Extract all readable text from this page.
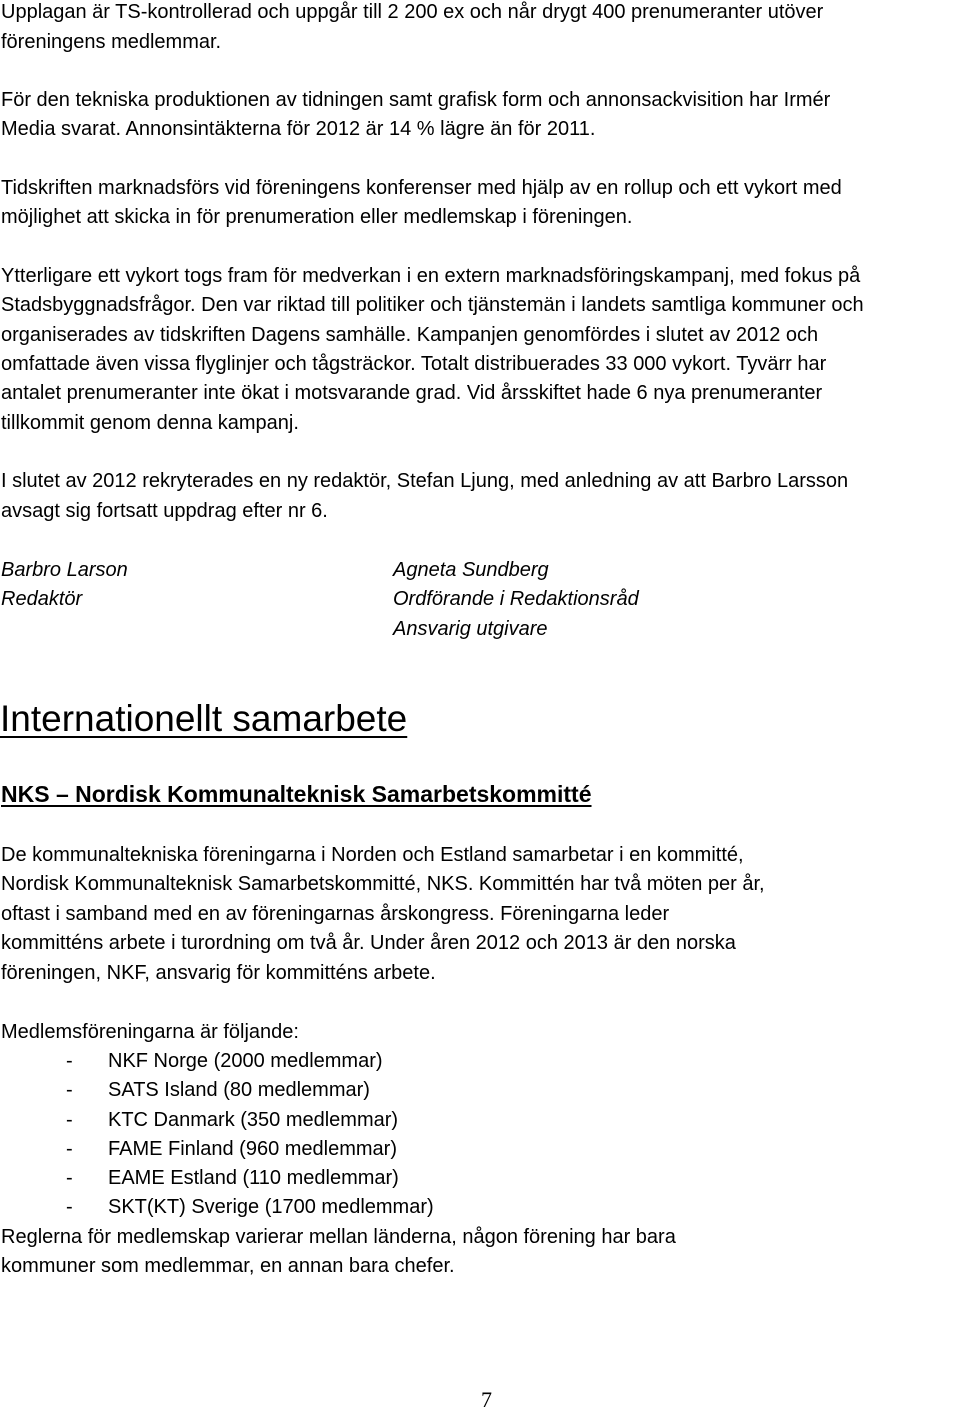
Upplagan är TS-kontrollerad och uppgår till 2 200 ex och når drygt 400 prenumeranter utöver
föreningens medlemmar.
För den tekniska produktionen av tidningen samt grafisk form och annonsackvisition har Irmér
Media svarat. Annonsintäkterna för 2012 är 14 % lägre än för 2011.
Tidskriften marknadsförs vid föreningens konferenser med hjälp av en rollup och ett vykort med
möjlighet att skicka in för prenumeration eller medlemskap i föreningen.
Ytterligare ett vykort togs fram för medverkan i en extern marknadsföringskampanj, med fokus på
Stadsbyggnadsfrågor. Den var riktad till politiker och tjänstemän i landets samtliga kommuner och
organiserades av tidskriften Dagens samhälle. Kampanjen genomfördes i slutet av 2012 och
omfattade även vissa flyglinjer och tågsträckor. Totalt distribuerades 33 000 vykort. Tyvärr har
antalet prenumeranter inte ökat i motsvarande grad. Vid årsskiftet hade 6 nya prenumeranter
tillkommit genom denna kampanj.
I slutet av 2012 rekryterades en ny redaktör, Stefan Ljung, med anledning av att Barbro Larsson
avsagt sig fortsatt uppdrag efter nr 6.
Barbro Larson
Redaktör
Agneta Sundberg
Ordförande i Redaktionsråd
Ansvarig utgivare
Internationellt samarbete
NKS – Nordisk Kommunalteknisk Samarbetskommitté
De kommunaltekniska föreningarna i Norden och Estland samarbetar i en kommitté,
Nordisk Kommunalteknisk Samarbetskommitté, NKS. Kommittén har två möten per år,
oftast i samband med en av föreningarnas årskongress. Föreningarna leder
kommitténs arbete i turordning om två år. Under åren 2012 och 2013 är den norska
föreningen, NKF, ansvarig för kommitténs arbete.
Medlemsföreningarna är följande:
- NKF Norge (2000 medlemmar)
- SATS Island (80 medlemmar)
- KTC Danmark (350 medlemmar)
- FAME Finland (960 medlemmar)
- EAME Estland (110 medlemmar)
- SKT(KT) Sverige (1700 medlemmar)
Reglerna för medlemskap varierar mellan länderna, någon förening har bara
kommuner som medlemmar, en annan bara chefer.
7
